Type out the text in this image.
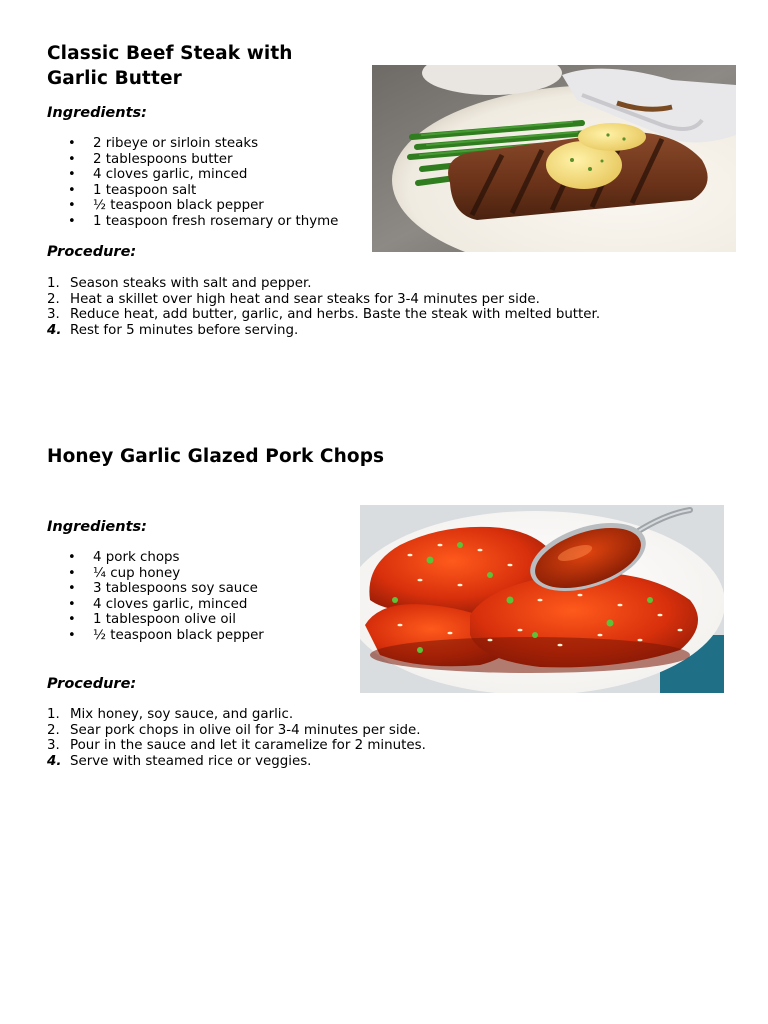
Classic Beef Steak with
Garlic Butter
Ingredients:
• 2 ribeye or sirloin steaks
• 2 tablespoons butter
• 4 cloves garlic, minced
• 1 teaspoon salt
• ½ teaspoon black pepper
• 1 teaspoon fresh rosemary or thyme
Procedure:
1. Season steaks with salt and pepper.
2. Heat a skillet over high heat and sear steaks for 3-4 minutes per side.
3. Reduce heat, add butter, garlic, and herbs. Baste the steak with melted butter.
4. Rest for 5 minutes before serving.
Honey Garlic Glazed Pork Chops
Ingredients:
• 4 pork chops
• ¼ cup honey
• 3 tablespoons soy sauce
• 4 cloves garlic, minced
• 1 tablespoon olive oil
• ½ teaspoon black pepper
Procedure:
1. Mix honey, soy sauce, and garlic.
2. Sear pork chops in olive oil for 3-4 minutes per side.
3. Pour in the sauce and let it caramelize for 2 minutes.
4. Serve with steamed rice or veggies.
